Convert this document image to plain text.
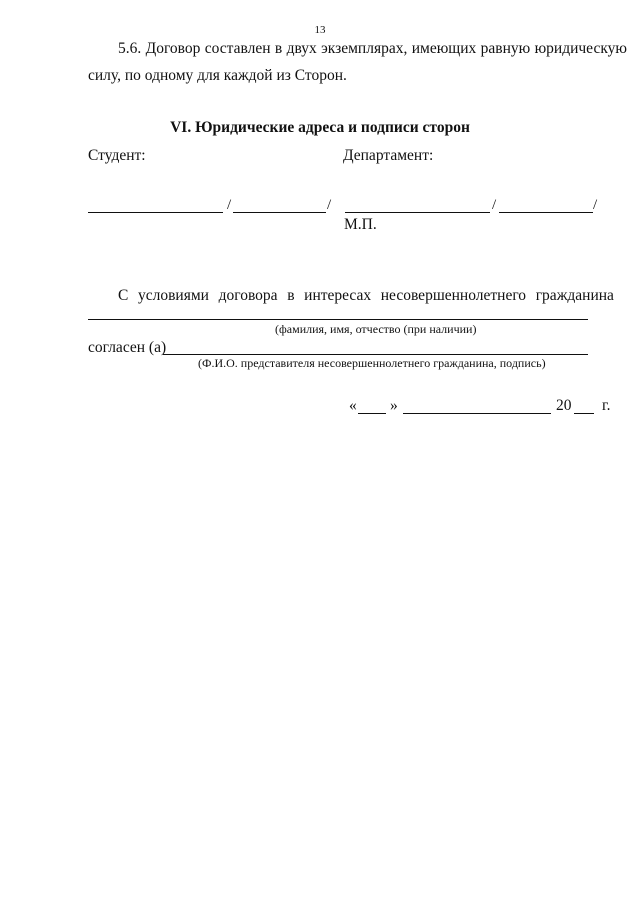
13
5.6. Договор составлен в двух экземплярах, имеющих равную юридическую
силу, по одному для каждой из Сторон.
VI. Юридические адреса и подписи сторон
Студент:	Департамент:
/	/	/	/
М.П.
С условиями договора в интересах несовершеннолетнего гражданина
(фамилия, имя, отчество (при наличии)
согласен (а)
(Ф.И.О. представителя несовершеннолетнего гражданина, подпись)
« »	20 г.
